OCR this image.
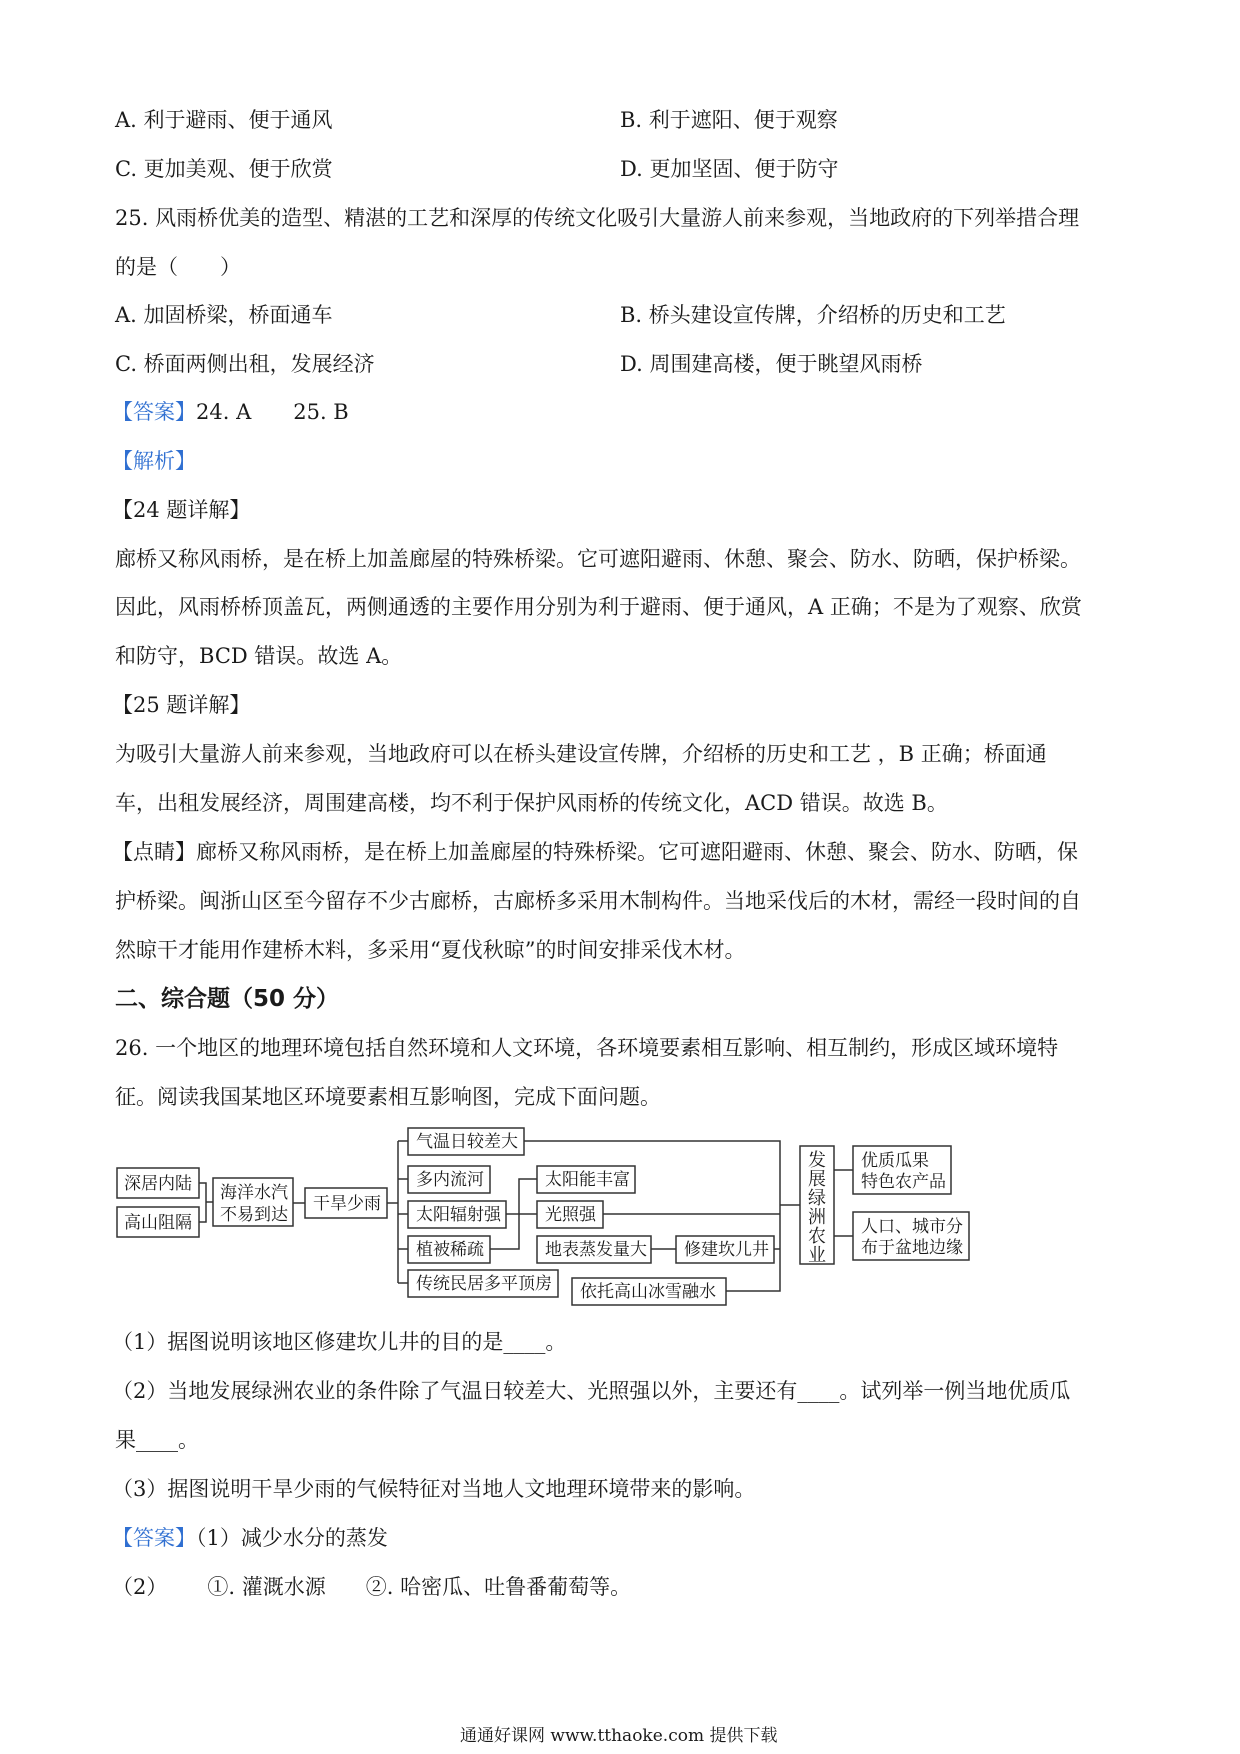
A. 利于避雨、便于通风	B. 利于遮阳、便于观察
C. 更加美观、便于欣赏	D. 更加坚固、便于防守
25. 风雨桥优美的造型、精湛的工艺和深厚的传统文化吸引大量游人前来参观，当地政府的下列举措合理
的是（　　）
A. 加固桥梁，桥面通车	B. 桥头建设宣传牌，介绍桥的历史和工艺
C. 桥面两侧出租，发展经济	D. 周围建高楼，便于眺望风雨桥
【答案】24. A　　25. B
【解析】
【24 题详解】
廊桥又称风雨桥，是在桥上加盖廊屋的特殊桥梁。它可遮阳避雨、休憩、聚会、防水、防晒，保护桥梁。
因此，风雨桥桥顶盖瓦，两侧通透的主要作用分别为利于避雨、便于通风，A 正确；不是为了观察、欣赏
和防守，BCD 错误。故选 A。
【25 题详解】
为吸引大量游人前来参观，当地政府可以在桥头建设宣传牌，介绍桥的历史和工艺 ，B 正确；桥面通
车，出租发展经济，周围建高楼，均不利于保护风雨桥的传统文化，ACD 错误。故选 B。
【点睛】廊桥又称风雨桥，是在桥上加盖廊屋的特殊桥梁。它可遮阳避雨、休憩、聚会、防水、防晒，保
护桥梁。闽浙山区至今留存不少古廊桥，古廊桥多采用木制构件。当地采伐后的木材，需经一段时间的自
然晾干才能用作建桥木料，多采用“夏伐秋晾”的时间安排采伐木材。
二、综合题（50 分）
26. 一个地区的地理环境包括自然环境和人文环境，各环境要素相互影响、相互制约，形成区域环境特
征。阅读我国某地区环境要素相互影响图，完成下面问题。
深居内陆
高山阻隔
海洋水汽
不易到达
干旱少雨
气温日较差大
多内流河
太阳辐射强
植被稀疏
传统民居多平顶房
太阳能丰富
光照强
地表蒸发量大 修建坎儿井
依托高山冰雪融水
发
展
绿
洲
农
业
优质瓜果
特色农产品
人口、城市分
布于盆地边缘
（1）据图说明该地区修建坎儿井的目的是____。
（2）当地发展绿洲农业的条件除了气温日较差大、光照强以外，主要还有____。试列举一例当地优质瓜
果____。
（3）据图说明干旱少雨的气候特征对当地人文地理环境带来的影响。
【答案】（1）减少水分的蒸发
（2） ①. 灌溉水源 ②. 哈密瓜、吐鲁番葡萄等。
通通好课网 www.tthaoke.com 提供下载
